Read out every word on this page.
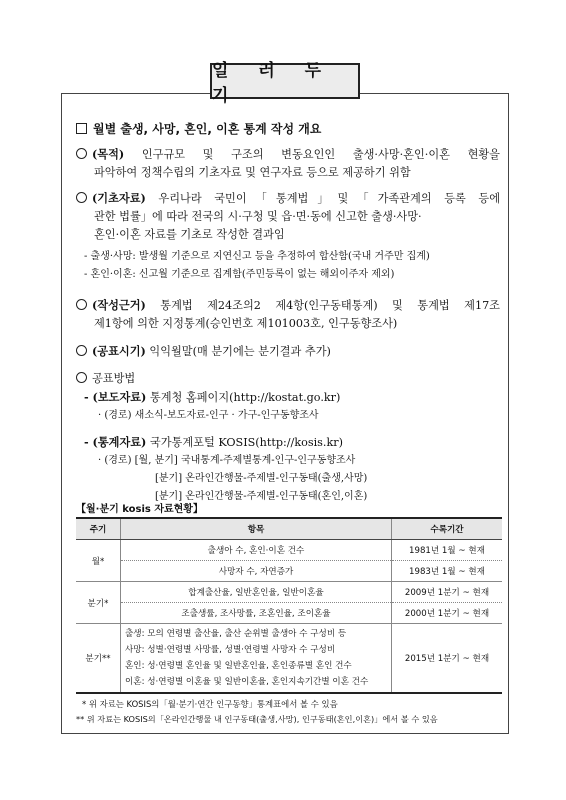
일 러 두 기
월별 출생, 사망, 혼인, 이혼 통계 작성 개요
(목적) 인구규모 및 구조의 변동요인인 출생·사망·혼인·이혼 현황을
파악하여 정책수립의 기초자료 및 연구자료 등으로 제공하기 위함
(기초자료) 우리나라 국민이「통계법」및「가족관계의 등록 등에
관한 법률」에 따라 전국의 시·구청 및 읍·면·동에 신고한 출생·사망·
혼인·이혼 자료를 기초로 작성한 결과임
- 출생·사망: 발생월 기준으로 지연신고 등을 추정하여 합산함(국내 거주만 집계)
- 혼인·이혼: 신고월 기준으로 집계함(주민등록이 없는 해외이주자 제외)
(작성근거) 통계법 제24조의2 제4항(인구동태통계) 및 통계법 제17조
제1항에 의한 지정통계(승인번호 제101003호, 인구동향조사)
(공표시기) 익익월말(매 분기에는 분기결과 추가)
공표방법
- (보도자료) 통계청 홈페이지(http://kostat.go.kr)
· (경로) 새소식-보도자료-인구 · 가구-인구동향조사
- (통계자료) 국가통계포털 KOSIS(http://kosis.kr)
· (경로) [월, 분기] 국내통계-주제별통계-인구-인구동향조사
[분기] 온라인간행물-주제별-인구동태(출생,사망)
[분기] 온라인간행물-주제별-인구동태(혼인,이혼)
【월·분기 kosis 자료현황】
주기	항목	수록기간
월*	출생아 수, 혼인·이혼 건수	1981년 1월 ~ 현재
	사망자 수, 자연증가	1983년 1월 ~ 현재
분기*	합계출산율, 일반혼인율, 일반이혼율	2009년 1분기 ~ 현재
	조출생률, 조사망률, 조혼인율, 조이혼율	2000년 1분기 ~ 현재
분기**	출생: 모의 연령별 출산율, 출산 순위별 출생아 수 구성비 등
사망: 성별·연령별 사망률, 성별·연령별 사망자 수 구성비
혼인: 성·연령별 혼인율 및 일반혼인율, 혼인종류별 혼인 건수
이혼: 성·연령별 이혼율 및 일반이혼율, 혼인지속기간별 이혼 건수	2015년 1분기 ~ 현재
* 위 자료는 KOSIS의「월·분기·연간 인구동향」통계표에서 볼 수 있음
** 위 자료는 KOSIS의「온라인간행물 내 인구동태(출생,사망), 인구동태(혼인,이혼)」에서 볼 수 있음
